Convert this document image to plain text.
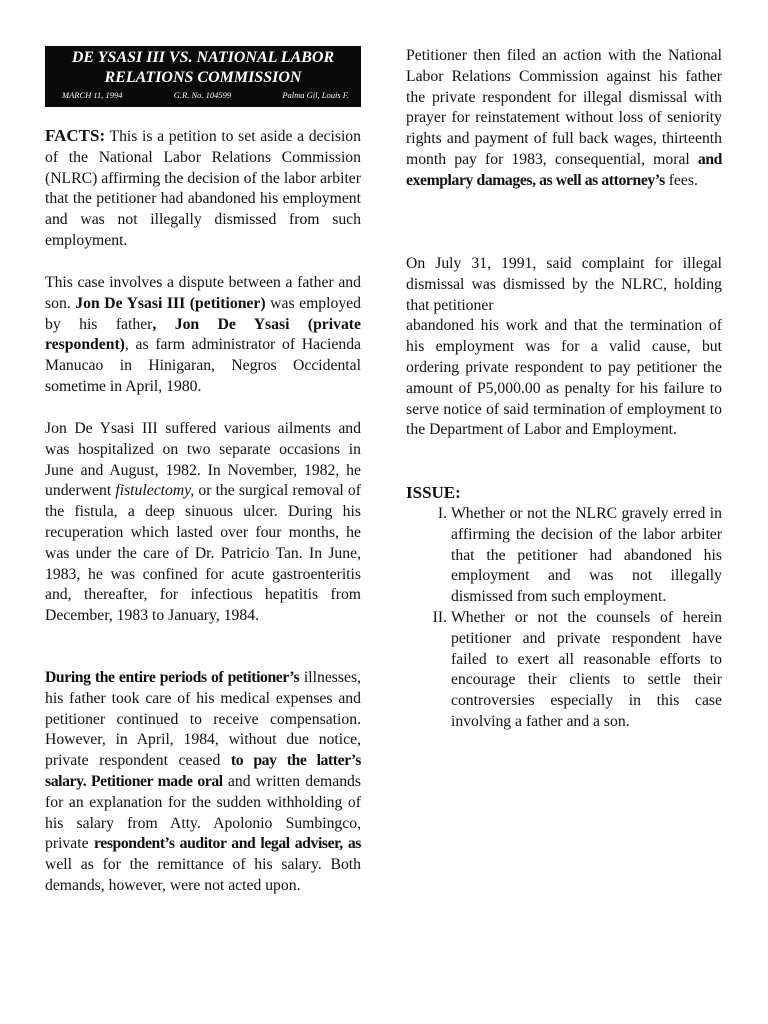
DE YSASI III VS. NATIONAL LABOR RELATIONS COMMISSION
MARCH 11, 1994	G.R. No. 104599	Palma Gil, Louis F.

FACTS: This is a petition to set aside a decision of the National Labor Relations Commission (NLRC) affirming the decision of the labor arbiter that the petitioner had abandoned his employment and was not illegally dismissed from such employment.

This case involves a dispute between a father and son. Jon De Ysasi III (petitioner) was employed by his father, Jon De Ysasi (private respondent), as farm administrator of Hacienda Manucao in Hinigaran, Negros Occidental sometime in April, 1980.

Jon De Ysasi III suffered various ailments and was hospitalized on two separate occasions in June and August, 1982. In November, 1982, he underwent fistulectomy, or the surgical removal of the fistula, a deep sinuous ulcer. During his recuperation which lasted over four months, he was under the care of Dr. Patricio Tan. In June, 1983, he was confined for acute gastroenteritis and, thereafter, for infectious hepatitis from December, 1983 to January, 1984.

During the entire periods of petitioner’s illnesses, his father took care of his medical expenses and petitioner continued to receive compensation. However, in April, 1984, without due notice, private respondent ceased to pay the latter’s salary. Petitioner made oral and written demands for an explanation for the sudden withholding of his salary from Atty. Apolonio Sumbingco, private respondent’s auditor and legal adviser, as well as for the remittance of his salary. Both demands, however, were not acted upon.

Petitioner then filed an action with the National Labor Relations Commission against his father the private respondent for illegal dismissal with prayer for reinstatement without loss of seniority rights and payment of full back wages, thirteenth month pay for 1983, consequential, moral and exemplary damages, as well as attorney’s fees.

On July 31, 1991, said complaint for illegal dismissal was dismissed by the NLRC, holding that petitioner
abandoned his work and that the termination of his employment was for a valid cause, but ordering private respondent to pay petitioner the amount of P5,000.00 as penalty for his failure to serve notice of said termination of employment to the Department of Labor and Employment.

ISSUE:
I. Whether or not the NLRC gravely erred in affirming the decision of the labor arbiter that the petitioner had abandoned his employment and was not illegally dismissed from such employment.
II. Whether or not the counsels of herein petitioner and private respondent have failed to exert all reasonable efforts to encourage their clients to settle their controversies especially in this case involving a father and a son.
